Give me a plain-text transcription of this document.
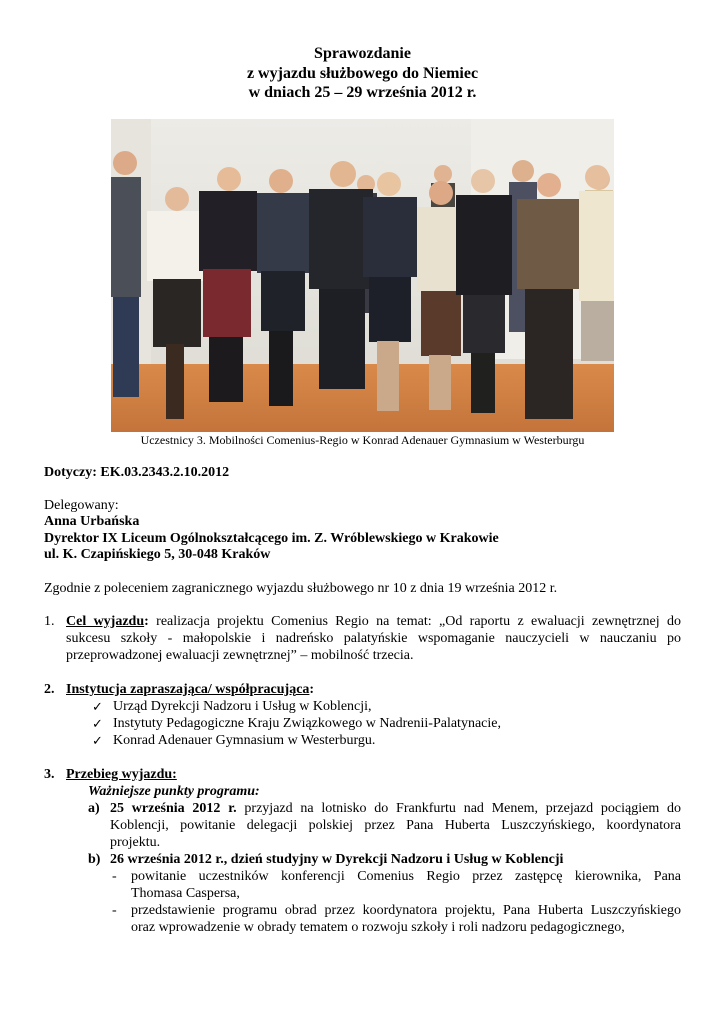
Sprawozdanie
z wyjazdu służbowego do Niemiec
w dniach 25 – 29 września 2012 r.
Uczestnicy 3. Mobilności Comenius-Regio w Konrad Adenauer Gymnasium w Westerburgu
Dotyczy: EK.03.2343.2.10.2012
Delegowany:
Anna Urbańska
Dyrektor IX Liceum Ogólnokształcącego im. Z. Wróblewskiego w Krakowie
ul. K. Czapińskiego 5, 30-048 Kraków
Zgodnie z poleceniem zagranicznego wyjazdu służbowego nr 10 z dnia 19 września 2012 r.
1. Cel wyjazdu: realizacja projektu Comenius Regio na temat: „Od raportu z ewaluacji zewnętrznej do
sukcesu szkoły - małopolskie i nadreńsko palatyńskie wspomaganie nauczycieli w nauczaniu po
przeprowadzonej ewaluacji zewnętrznej” – mobilność trzecia.
2. Instytucja zapraszająca/ współpracująca:
✓ Urząd Dyrekcji Nadzoru i Usług w Koblencji,
✓ Instytuty Pedagogiczne Kraju Związkowego w Nadrenii-Palatynacie,
✓ Konrad Adenauer Gymnasium w Westerburgu.
3. Przebieg wyjazdu:
Ważniejsze punkty programu:
a) 25 września 2012 r. przyjazd na lotnisko do Frankfurtu nad Menem, przejazd pociągiem do
Koblencji, powitanie delegacji polskiej przez Pana Huberta Luszczyńskiego, koordynatora
projektu.
b) 26 września 2012 r., dzień studyjny w Dyrekcji Nadzoru i Usług w Koblencji
- powitanie uczestników konferencji Comenius Regio przez zastępcę kierownika, Pana
Thomasa Caspersa,
- przedstawienie programu obrad przez koordynatora projektu, Pana Huberta Luszczyńskiego
oraz wprowadzenie w obrady tematem o rozwoju szkoły i roli nadzoru pedagogicznego,
